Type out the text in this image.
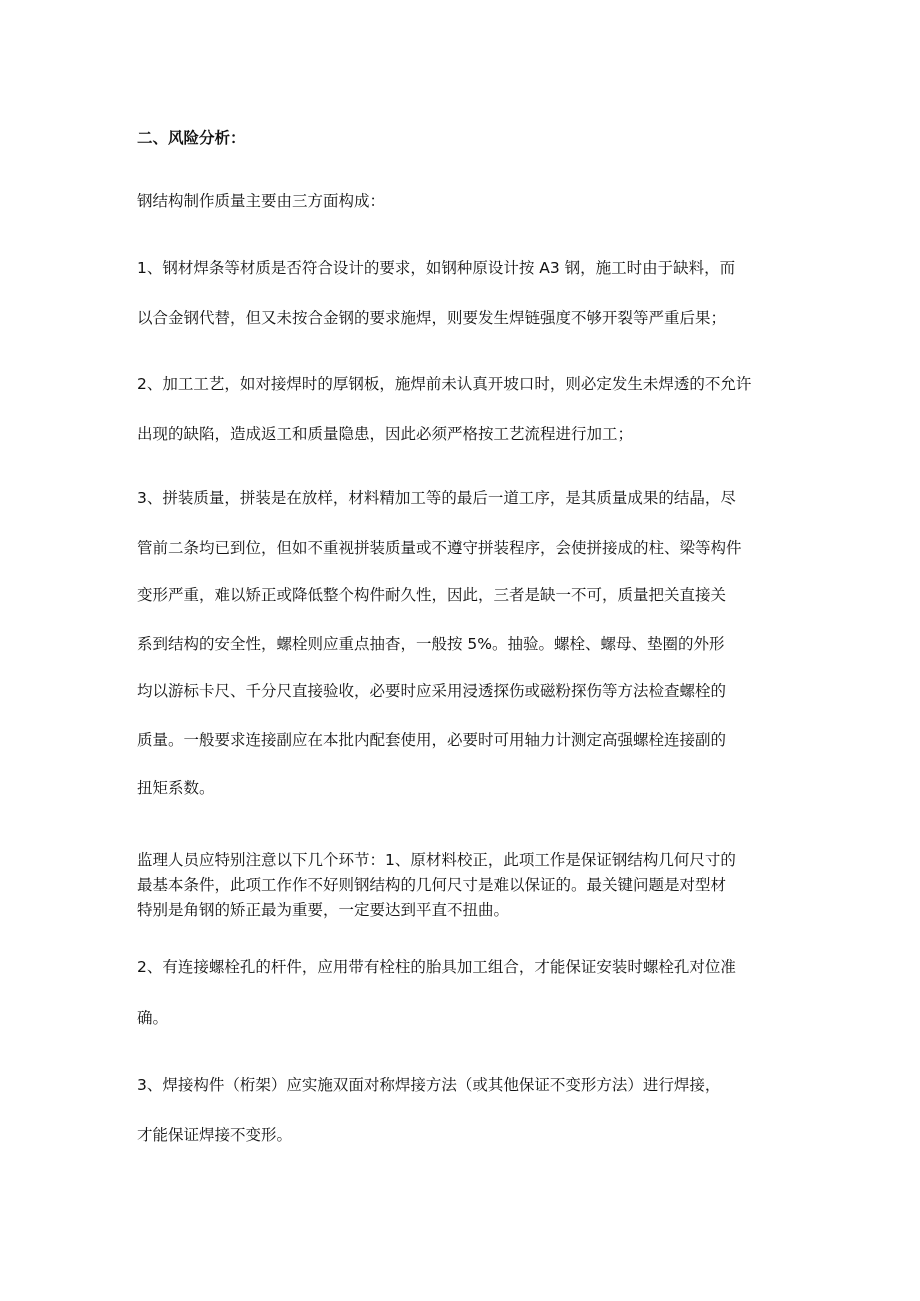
二、风险分析：
钢结构制作质量主要由三方面构成：
1、钢材焊条等材质是否符合设计的要求，如钢种原设计按 A3 钢，施工时由于缺料，而
以合金钢代替，但又未按合金钢的要求施焊，则要发生焊链强度不够开裂等严重后果；
2、加工工艺，如对接焊时的厚钢板，施焊前未认真开坡口时，则必定发生未焊透的不允许
出现的缺陷，造成返工和质量隐患，因此必须严格按工艺流程进行加工；
3、拼装质量，拼装是在放样，材料精加工等的最后一道工序，是其质量成果的结晶，尽
管前二条均已到位，但如不重视拼装质量或不遵守拼装程序，会使拼接成的柱、梁等构件
变形严重，难以矫正或降低整个构件耐久性，因此，三者是缺一不可，质量把关直接关
系到结构的安全性，螺栓则应重点抽杳，一般按 5%。抽验。螺栓、螺母、垫圈的外形
均以游标卡尺、千分尺直接验收，必要时应采用浸透探伤或磁粉探伤等方法检查螺栓的
质量。一般要求连接副应在本批内配套使用，必要时可用轴力计测定高强螺栓连接副的
扭矩系数。
监理人员应特别注意以下几个环节：1、原材料校正，此项工作是保证钢结构几何尺寸的
最基本条件，此项工作作不好则钢结构的几何尺寸是难以保证的。最关键问题是对型材
特别是角钢的矫正最为重要，一定要达到平直不扭曲。
2、有连接螺栓孔的杆件，应用带有栓柱的胎具加工组合，才能保证安装时螺栓孔对位准
确。
3、焊接构件（桁架）应实施双面对称焊接方法（或其他保证不变形方法）进行焊接，
才能保证焊接不变形。
